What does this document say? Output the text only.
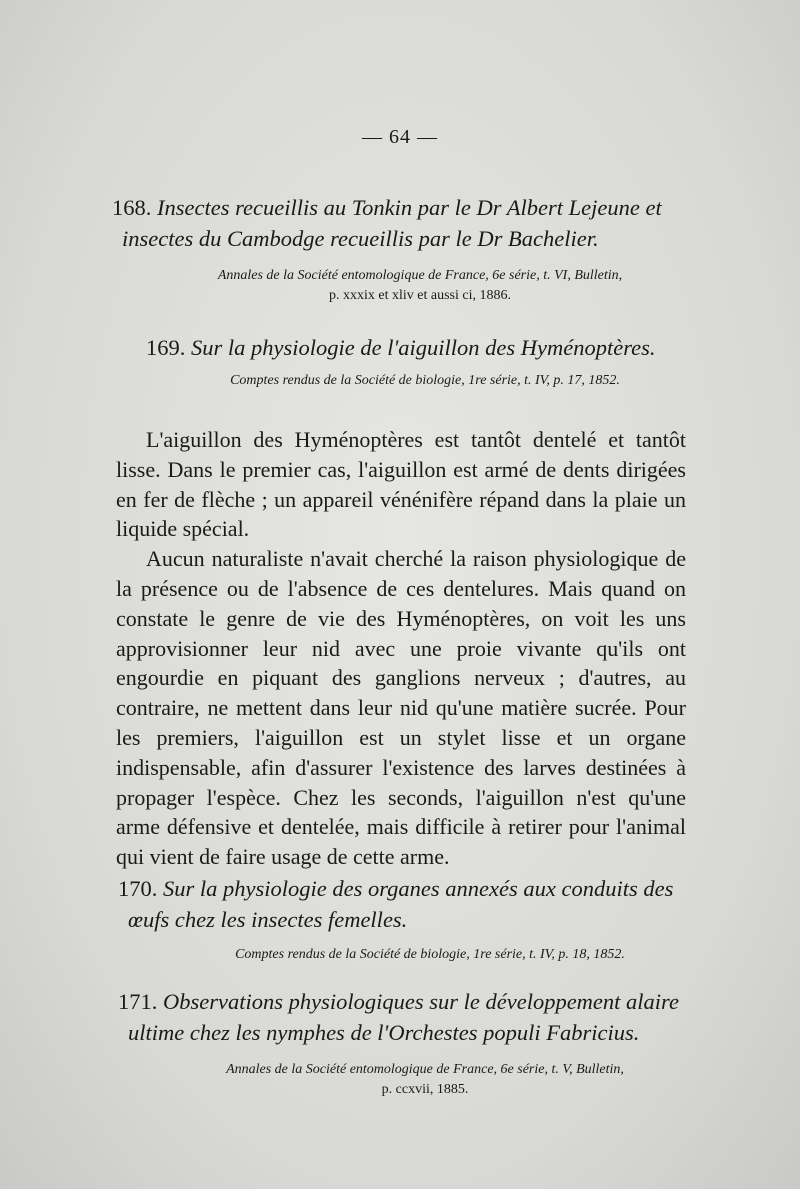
— 64 —
168. Insectes recueillis au Tonkin par le Dr Albert Lejeune et
insectes du Cambodge recueillis par le Dr Bachelier.
Annales de la Société entomologique de France, 6e série, t. VI, Bulletin,
p. xxxix et xliv et aussi ci, 1886.
169. Sur la physiologie de l'aiguillon des Hyménoptères.
Comptes rendus de la Société de biologie, 1re série, t. IV, p. 17, 1852.

L'aiguillon des Hyménoptères est tantôt dentelé et tantôt lisse. Dans le premier cas, l'aiguillon est armé de dents dirigées en fer de flèche ; un appareil vénénifère répand dans la plaie un liquide spécial.

Aucun naturaliste n'avait cherché la raison physiologique de la présence ou de l'absence de ces dentelures. Mais quand on constate le genre de vie des Hyménoptères, on voit les uns approvisionner leur nid avec une proie vivante qu'ils ont engourdie en piquant des ganglions nerveux ; d'autres, au contraire, ne mettent dans leur nid qu'une matière sucrée. Pour les premiers, l'aiguillon est un stylet lisse et un organe indispensable, afin d'assurer l'existence des larves destinées à propager l'espèce. Chez les seconds, l'aiguillon n'est qu'une arme défensive et dentelée, mais difficile à retirer pour l'animal qui vient de faire usage de cette arme.

170. Sur la physiologie des organes annexés aux conduits des
œufs chez les insectes femelles.
Comptes rendus de la Société de biologie, 1re série, t. IV, p. 18, 1852.
171. Observations physiologiques sur le développement alaire
ultime chez les nymphes de l'Orchestes populi Fabricius.
Annales de la Société entomologique de France, 6e série, t. V, Bulletin,
p. ccxvii, 1885.
